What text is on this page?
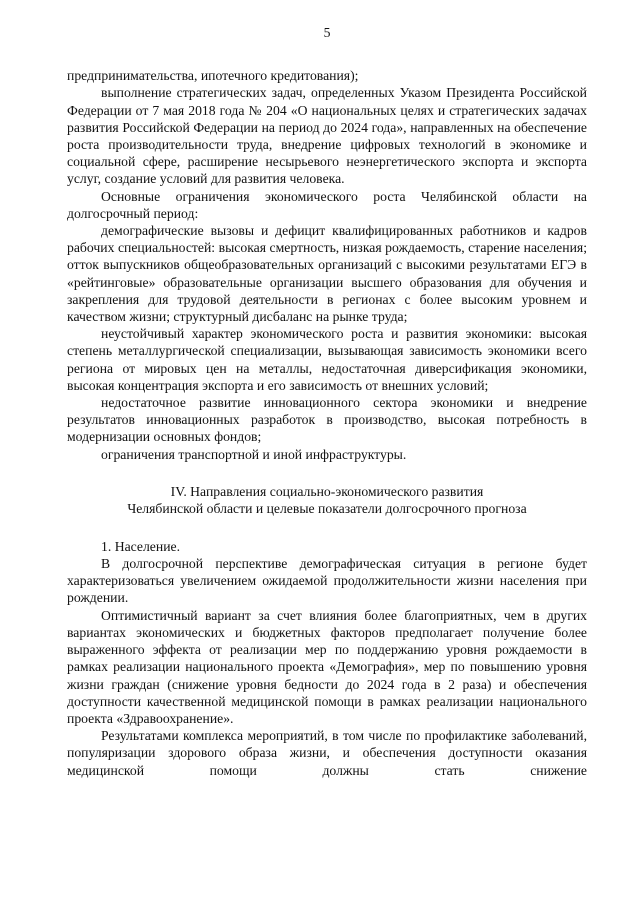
5

предпринимательства, ипотечного кредитования);

выполнение стратегических задач, определенных Указом Президента Российской Федерации от 7 мая 2018 года № 204 «О национальных целях и стратегических задачах развития Российской Федерации на период до 2024 года», направленных на обеспечение роста производительности труда, внедрение цифровых технологий в экономике и социальной сфере, расширение несырьевого неэнергетического экспорта и экспорта услуг, создание условий для развития человека.

Основные ограничения экономического роста Челябинской области на долгосрочный период:

демографические вызовы и дефицит квалифицированных работников и кадров рабочих специальностей: высокая смертность, низкая рождаемость, старение населения; отток выпускников общеобразовательных организаций с высокими результатами ЕГЭ в «рейтинговые» образовательные организации высшего образования для обучения и закрепления для трудовой деятельности в регионах с более высоким уровнем и качеством жизни; структурный дисбаланс на рынке труда;

неустойчивый характер экономического роста и развития экономики: высокая степень металлургической специализации, вызывающая зависимость экономики всего региона от мировых цен на металлы, недостаточная диверсификация экономики, высокая концентрация экспорта и его зависимость от внешних условий;

недостаточное развитие инновационного сектора экономики и внедрение результатов инновационных разработок в производство, высокая потребность в модернизации основных фондов;

ограничения транспортной и иной инфраструктуры.

IV. Направления социально-экономического развития
Челябинской области и целевые показатели долгосрочного прогноза

1. Население.

В долгосрочной перспективе демографическая ситуация в регионе будет характеризоваться увеличением ожидаемой продолжительности жизни населения при рождении.

Оптимистичный вариант за счет влияния более благоприятных, чем в других вариантах экономических и бюджетных факторов предполагает получение более выраженного эффекта от реализации мер по поддержанию уровня рождаемости в рамках реализации национального проекта «Демография», мер по повышению уровня жизни граждан (снижение уровня бедности до 2024 года в 2 раза) и обеспечения доступности качественной медицинской помощи в рамках реализации национального проекта «Здравоохранение».

Результатами комплекса мероприятий, в том числе по профилактике заболеваний, популяризации здорового образа жизни, и обеспечения доступности оказания медицинской помощи должны стать снижение
